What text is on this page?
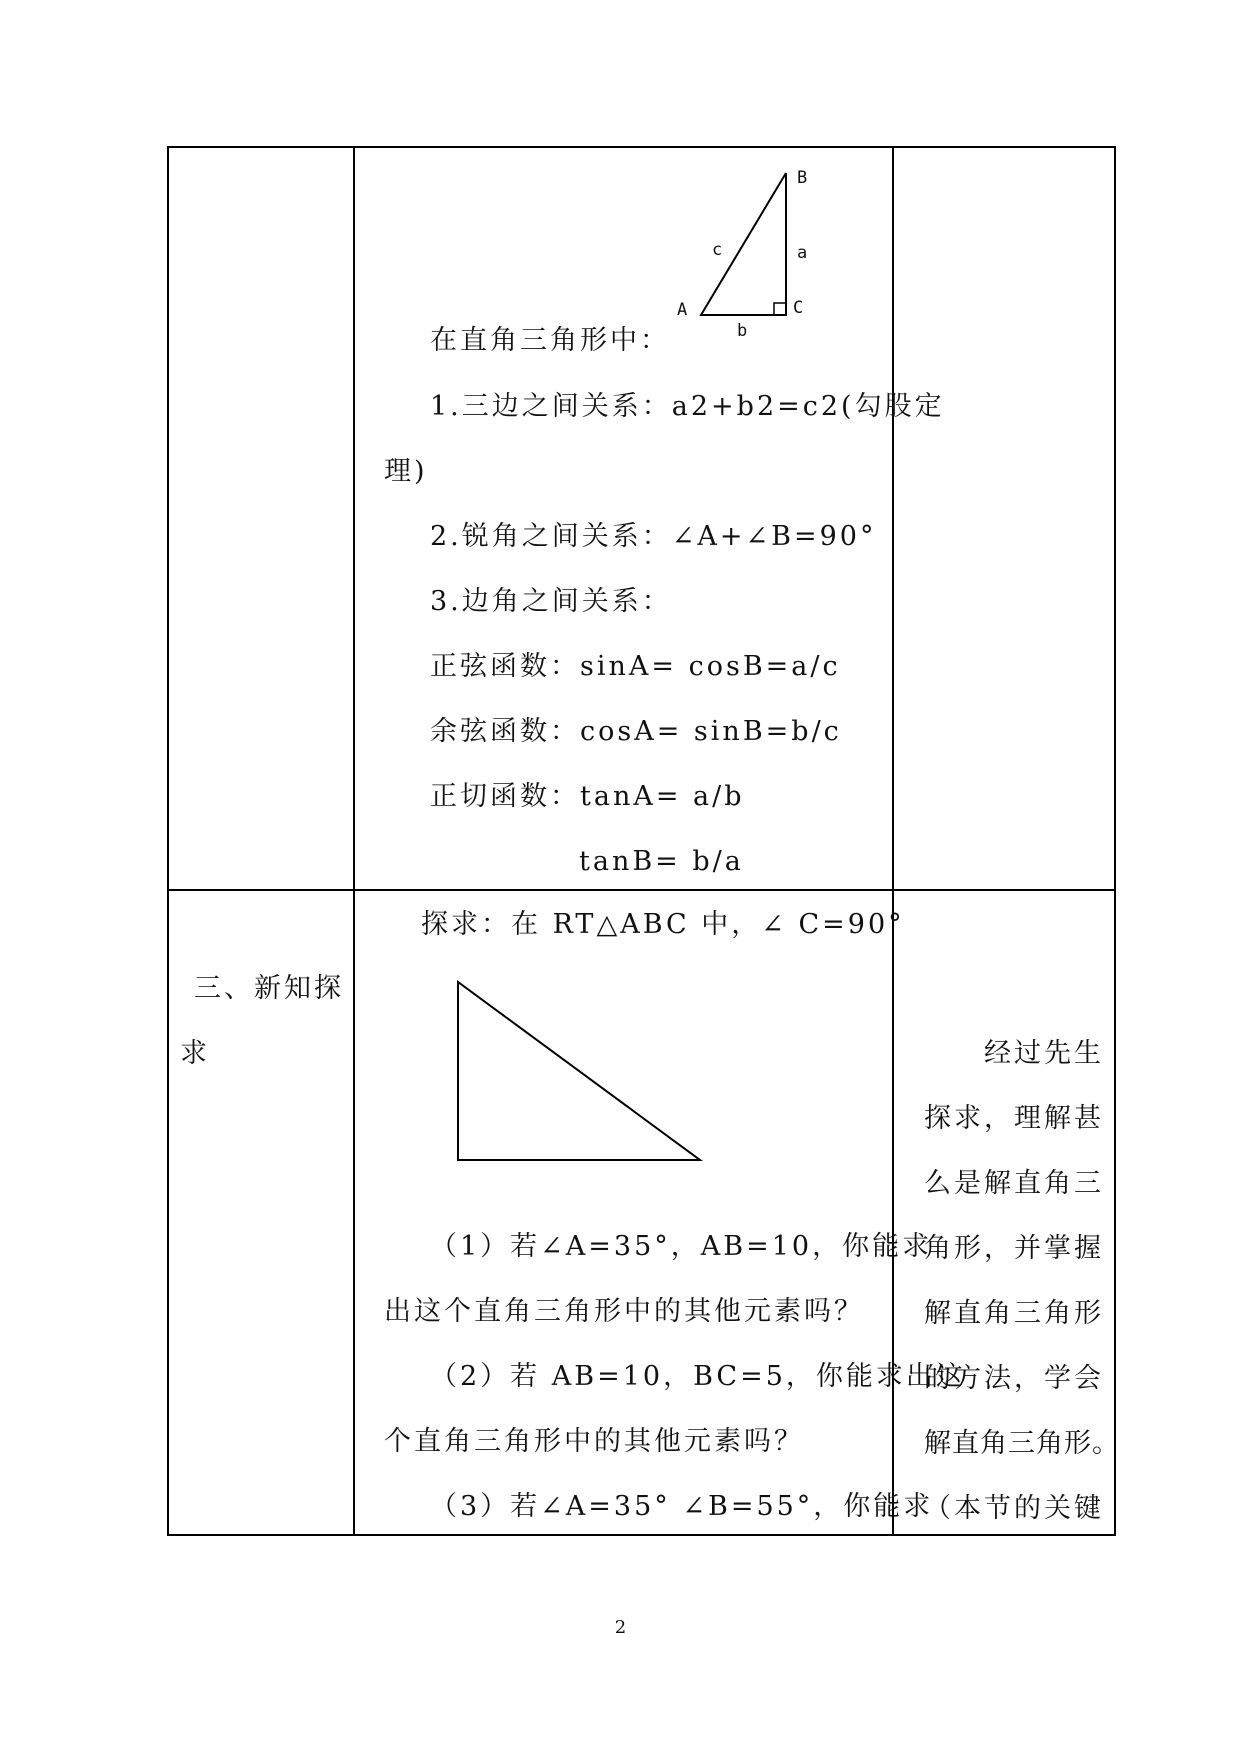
B
c	a
A	C
b
在直角三角形中：
1.三边之间关系：a2+b2=c2(勾股定
理)
2.锐角之间关系：∠A+∠B=90°
3.边角之间关系：
正弦函数：sinA= cosB=a/c
余弦函数：cosA= sinB=b/c
正切函数：tanA= a/b
tanB= b/a
三、新知探
求
探求：在 RT△ABC 中，∠ C=90°
（1）若∠A=35°，AB=10，你能求
出这个直角三角形中的其他元素吗？
（2）若 AB=10，BC=5，你能求出这
个直角三角形中的其他元素吗？
（3）若∠A=35° ∠B=55°，你能求
经过先生
探求，理解甚
么是解直角三
角形，并掌握
解直角三角形
的方法，学会
解直角三角形。
（本节的关键
2
